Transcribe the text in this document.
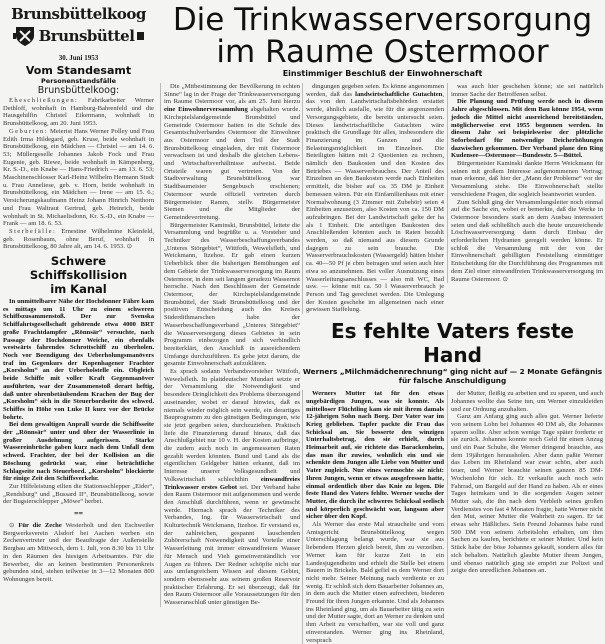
Brunsbüttelkoog
Brunsbüttel
30. Juni 1953
Vom Standesamt
Personenstandsfälle
Brunsbüttelkoog:

Eheschließungen: Fabrikarbeiter Werner Dethloff, wohnhaft in Hamburg-Bahrenfeld und die Hausgehilfin Christel Eikermann, wohnhaft in Brunsbüttelkoog, am 20. Juni 1953.

Geburten: Meierist Hans Werner Polley und Frau Edith Irma Hildegard, geb. Kruse, beide wohnhaft in Brunsbüttelkoog, ein Mädchen — Christel — am 14. 6. 53; Müllergeselle Johannes Jakob Fock und Frau Eugenie, geb. Riewe, beide wohnhaft in Kämpenberg, Kr. S.-D., ein Knabe — Hans-Friedrich — am 13. 6. 53; Maschinenschlosser Karl-Heinz Wilhelm Hermann Studt u. Frau Anneliese, geb. v. Horn, beide wohnhaft in Brunsbüttelkoog, ein Mädchen — Irene — am 15. 6.; Versicherungskaufmann Heinz Johann Hinrich Netthorn und Frau Waltraut Gertrud, geb. Heinrich, beide wohnhaft in St. Michaelisdonn, Kr. S.-D., ein Knabe — Frank — am 18. 6. 53.

Sterbefälle: Ernestine Wilhelmine Kleinfeld, geb. Rosenbaum, ohne Beruf, wohnhaft in Brunsbüttelkoog, 80 Jahre alt, am 14. 6. 1953. ⊙

Schwere Schiffskollision
im Kanal

In unmittelbarer Nähe der Hochdonner Fähre kam es mittags um 11 Uhr zu einem schweren Schiffszusammenstoß. Der zur Svenska Schiffahrtsgesellschaft gehörende etwa 4000 BRT große Frachtdampfer „Rönnsär“ versuchte, nach Passage der Hochdonner Weiche, ein ebenfalls westwärts fahrendes Schrottschiff zu überholen. Noch vor Beendigung des Ueberholungsmanövers traf im Gegenkurs der Kopenhagener Frachter „Korsholm“ an der Ueberholstelle ein. Obgleich beide Schiffe mit voller Kraft Gegenmanöver ausführten, war der Zusammenstoß derart heftig, daß unter ohrenbetäubendem Krachen der Bug der „Korsholm“ sich in die Steuerbordseite des schwed. Schiffes in Höhe von Luke II kurz vor der Brücke bohrte.

Bei dem gewaltigen Anprall wurde die Schiffsseite der „Rönnsär“ unter und über der Wasserlinie in großer Ausdehnung aufgerissen. Starke Wassereinbrüche gaben kurz nach dem Unfall dem schwed. Frachter, der bei der Kollision an die Böschung gedrückt war, eine beträchtliche Schlagseite nach Steuerbord. „Korsholm“ blockierte für einige Zeit den Schiffsverkehr.

Zur Hilfeleistung eilten die Stationsschlepper „Eider“, „Rendsburg“ und „Bussard II“, Brunsbüttelkoog, sowie der Bugsierschlepper „Möwe“ herbei.

==

⊙ Für die Zeche Westerholt und den Eschweiler Bergwerksverein Alsdorf bei Aachen werben ein Zechenvertreter und der Beauftragte der Außenstelle Bergbau am Mittwoch, dem 1. Juli, von 8.30 bis 11 Uhr in den Räumen des hiesigen Arbeitsamtes. Für die Bewerber, die an keinen bestimmten Personenkreis gebunden sind, stehen teilweise in 3—12 Monaten 800 Wohnungen bereit.

Die Trinkwasserversorgung
im Raume Ostermoor
Einstimmiger Beschluß der Einwohnerschaft

Die „Mitbestimmung der Bevölkerung in echten Sinne“ lag in der Frage der Trinkwasserversorgung im Raume Ostermoor vor, als am 25. Juni hierzu eine Einwohnerversammlung abgehalten wurde. Kirchspielslandgemeinde Brunsbüttel und Gemeinde Ostermoor hatten in die Schule des Gesamtschulverbandes Ostermoor die Einwohner aus Ostermoor und dem Teil der Stadt Brunsbüttelkoog eingeladen, der mit Ostermoor verwachsen ist und deshalb die gleichen Lebens- und Wirtschaftsverhältnisse aufweist. Beide Ortsteile waren gut vertreten. Von der Stadtverwaltung Brunsbüttelkoog war Stadtbaumeister Sengebusch erschienen; Ostermoor wurde offiziell vertreten durch Bürgermeister Ramm, stellv. Bürgermeister Siemen und die Mitglieder der Gemeindevertretung.

Bürgermeister Kaminski, Brunsbüttel, leitete die Versammlung und begrüßte u. a. Vorsteher und Techniker des Wasserbeschaffungsverbandes „Unteres Störgebiet“, Wittfoth, Wewelsfleth, und Weickmann, Itzehoe. Er gab einen kurzen Ueberblick über die bisherigen Bemühungen auf dem Gebiete der Trinkwasserversorgung im Raum Ostermoor, in dem seit langem geradezu Wassernot herrsche. Nach den Beschlüssen der Gemeinde Ostermoor, der Kirchspielslandgemeinde Brunsbüttel, der Stadt Brunsbüttelkoog und der positiven Entscheidung auch des Kreises Süderdithmarschen habe der Wasserbeschaffungsverband „Unteres Störgebiet“ die Wasserversorgung dieses Gebietes in sein Programm einbezogen und sich verbindlich bereiterklärt, den Anschluß in ausreichendem Umfange durchzuführen. Es gehe jetzt darum, die gesamte Einwohnerschaft aufzuklären.

Es sprach sodann Verbandsvorsteher Wittfoth, Wewelsfleth. In plattdeutscher Mundart setzte er der Versammlung die Notwendigkeit und besondere Dringlichkeit des Problems überzeugend auseinander, wobei er darauf hinwies, daß es niemals wieder möglich sein werde, ein derartiges Bauprogramm zu den günstigen Bedingungen, wie sie jetzt gegeben seien, durchzuziehen. Praktisch liefe die Finanzierung darauf hinaus, daß das Anschlußgebiet nur 10 v. H. der Kosten aufbringe, die zudem auch noch in angemessenen Raten gezahlt werden könnten. Bund und Land als die eigentlichen Geldgeber hätten erkannt, daß im Interesse unserer Volksgesundheit und Volkswirtschaft schlechthin einwandfreies Trinkwasser erstes Gebot sei. Der Verband habe den Raum Ostermoor mit aufgenommen und werde den Anschluß durchführen, wenn er gewünscht werde. Hiernach sprach der Techniker des Verbandes, Ing. für Wasserwirtschaft und Kulturtechnik Weickmann, Itzehoe. Er verstand es, der zahlreichen, gespannt lauschenden Zuhörerschaft Notwendigkeit und Vorteile einer Wasserleitung mit immer einwandfreiem Wasser für Mensch und Vieh gemeinverständlich vor Augen zu führen. Der Redner schöpfte nicht nur aus umfangreichem Wissen auf diesem Gebiet, sondern ebensosehr aus seinem großen Reservoir praktischer Erfahrung. Er sei überzeugt, daß für den Raum Ostermoor alle Voraussetzungen für den Wasseranschluß unter günstigen Be-

dingungen gegeben seien. Es könne angenommen werden, daß das landwirtschaftliche Gutachten, das von den Landwirtschaftsbehörden erstattet werde, ähnlich ausfalle, wie für die angrenzenden Versorgungsgebiete, die bereits untersucht seien. Dieses landwirtschaftliche Gutachten wäre praktisch die Grundlage für alles, insbesondere die Finanzierung im Ganzen und die Belastungsmöglichkeit im Einzelnen. Die Beteiligten hätten mit 2 Quotienten zu rechnen, nämlich den Baukosten und den Kosten des Betriebes — Wasserverbrauches. Der Anteil des Einzelnen an den Baukosten werde nach Einheiten ermittelt, die bisher auf ca. 35 DM je Einheit bemessen wären. Für ein Einfamilienhaus mit einer Normalwohnung (3 Zimmer mit Zubehör) seien 4 Einheiten anzusetzen, also Kosten von ca. 150 DM aufzubringen. Bei der Landwirtschaft gelte der ha als 1 Einheit. Die anteiligen Baukosten des Anschließenden könnten auch in Raten bezahlt werden, so daß niemand aus diesem Grunde dagegen zu sein brauche. Die Wasserverbrauchskosten (Wassergeld) hätten bisher ca. 40—50 Pf je cbm betragen und seien auch hier etwa so anzunehmen. Bei voller Ausnutzung eines Wasserleitungsanschlusses — also mit WC, Bad usw. — könne mit ca. 50 l Wasserverbrauch je Person und Tag gerechnet werden. Die Umlegung der Kosten geschehe im allgemeinen nach einer gewissen Staffelung.

was auch hier geschehen könne; sie sei natürlich immer Sache der Betroffenen selbst.

Die Planung und Prüfung werde noch in diesem Jahre abgeschlossen. Mit dem Bau könne 1954, wenn jedoch die Mittel nicht ausreichend bereitständen, möglicherweise erst 1955 begonnen werden. In diesem Jahr sei beispielsweise der plötzliche Soforbedarf für notwendige Deicherhöhungen dazwischen gekommen. Der Verband plane den Ring Kudensee—Ostermoor—Bundesstr. 5—Büttel.

Bürgermeister Kaminski dankte Herrn Weickmann für seinen mit großem Interesse aufgenommenen Vortrag; man erkenne, daß hier der „Mann der Probleme“ vor der Versammlung stehe. Die Einwohnerschaft stellte verschiedene Fragen, die sogleich beantwortet wurden.

Zum Schluß ging der Versammlungsleiter noch einmal auf die Sache ein, wobei er bemerkte, daß die Werke in Ostermoor besonders stark an dem Ausbau interessiert seien und daß schließlich auch die heute unzureichende Löschwasserversorgung dann durch Einbau der erforderlichen Hydranten geregelt werden könne. Er schloß die Versammlung mit der von der Einwohnerschaft gebilligten Feststellung einmütiger Entscheidung für die Durchführung des Programmes mit dem Ziel einer einwandfreien Trinkwasserversorgung im Raume Ostermoor. ⊙

Es fehlte Vaters feste Hand
Werners „Milchmädchenrechnung“ ging nicht auf — 2 Monate Gefängnis
für falsche Anschuldigung

Werners Mutter tat für den etwas ungebärdigen Jungen, was sie konnte. Als mittelloser Flüchtling kam sie mit ihrem damals 12-jährigen Sohn nach Borg. Der Vater war im Krieg geblieben. Tapfer packte die Frau das Schicksal an. Sie besserte den winzigen Unterhaltsbetrag, den sie erhielt, durch Heimarbeit auf, sie richtete das Barackenheim, das man ihr zuwies, wohnlich ein und sie schenkte dem Jungen alle Liebe von Mutter und Vater zugleich. Nur eines vermochte sie nicht: Ihren Jungen, wenn er etwas ausgefressen hatte, einmal ordentlich über das Knie zu legen. Die feste Hand des Vaters fehlte. Werner wuchs der Mutter, die durch ihr schweres Schicksal seelisch und körperlich geschwächt war, langsam aber sicher über den Kopf.

Als Werner das erste Mal strauchelte und vom Amtsgericht Brunsbüttelkoog wegen Unterschlagung belangt wurde, war sie aus liebendem Herzen gleich bereit, ihm zu verzeihen. Werner kam für kurze Zeit in ein Landesjugendheim und erhielt die Stelle bei einem Bauern in Brickeln. Bald gefiel es dem Werner dort nicht mehr. Seiner Meinung nach verdiente er zu wenig. Er schloß sich dem Bauarbeiter Johannes an, in dem auch die Mutter einen aufrechten, biederen Freund für ihren Jungen erkannte. Und als Johannes ins Rheinland ging, um als Bauarbeiter tätig zu sein und der Mutter sagte, dort an Werner zu denken und ihm Arbeit zu verschaffen, war sie voll und ganz einverstanden. Werner ging ins Rheinland, versprach

der Mutter, fleißig zu arbeiten und zu sparen, und auch Johannes wollte das Seine tun, um Werner einzukleiden und zur Ordnung anzuhalten.

Ganz am Anfang ging auch alles gut. Werner lieferte von seinem Lohn bei Johannes 40 DM ab, die Johannes sparen sollte. Aber schon wenige Tage später forderte er sie zurück. Johannes konnte noch Geld für einen Anzug und ein Paar Schuhe, die Werner dringend brauchte, aus dem 19jährigen herausholen. Aber dann paßte Werner das Leben im Rheinland war zwar schön, aber auch teuer, und Werner brauchte seinen ganzen 85 DM-Wochenlohn für sich. Er verkaufte auch noch sein Fahrrad, um Bargeld auf der Hand zu haben. Als er eines Tages heimkam und in die sorgenden Augen seiner Mutter sah, die ihn nach dem Verbleib seines großen Verdienstes von fast 4 Monaten fragte, hatte Werner nicht den Mut, seiner Mutter die Wahrheit zu sagen. Er tat etwas sehr Häßliches. Sein Freund Johannes habe rund 500 DM von seinem Arbeitslohn erhalten, um ihm Sachen zu kaufen, berichtete er seiner Mutter. Und kein Stück habe der böse Johannes gekauft, sondern alles für sich behalten. Natürlich glaubte Mutter ihrem Jungen, und ebenso natürlich ging sie empört zur Polizei und zeigte den unredlichen Johannes an.
